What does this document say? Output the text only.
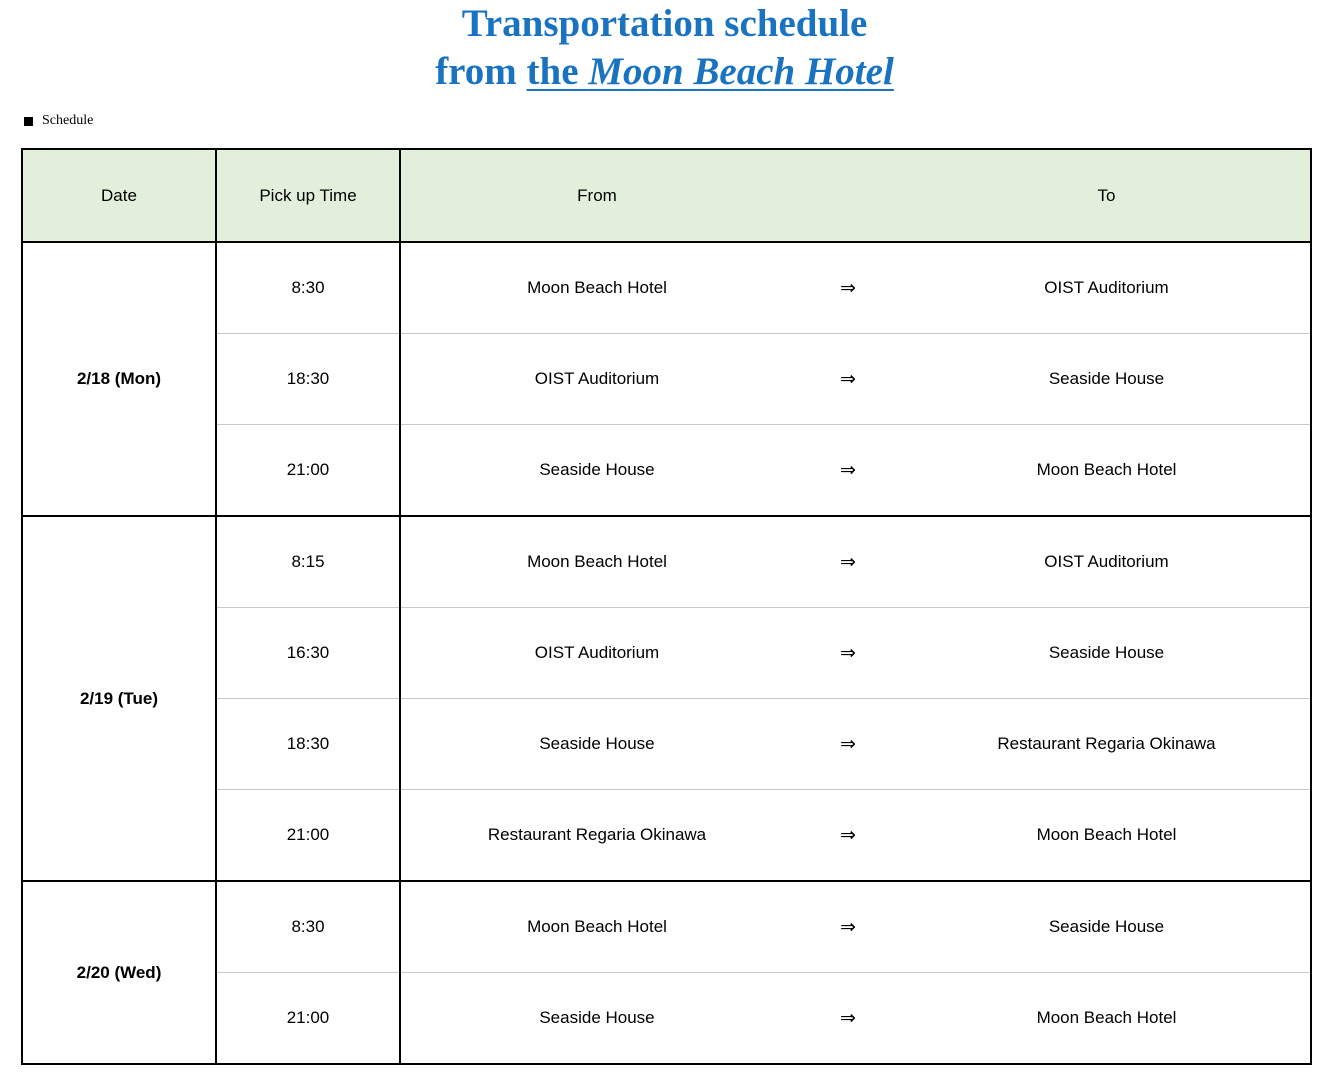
Transportation schedule
from the Moon Beach Hotel
Schedule
Date	Pick up Time	From		To
2/18 (Mon)	8:30	Moon Beach Hotel	⇒	OIST Auditorium
	18:30	OIST Auditorium	⇒	Seaside House
	21:00	Seaside House	⇒	Moon Beach Hotel
2/19 (Tue)	8:15	Moon Beach Hotel	⇒	OIST Auditorium
	16:30	OIST Auditorium	⇒	Seaside House
	18:30	Seaside House	⇒	Restaurant Regaria Okinawa
	21:00	Restaurant Regaria Okinawa	⇒	Moon Beach Hotel
2/20 (Wed)	8:30	Moon Beach Hotel	⇒	Seaside House
	21:00	Seaside House	⇒	Moon Beach Hotel
